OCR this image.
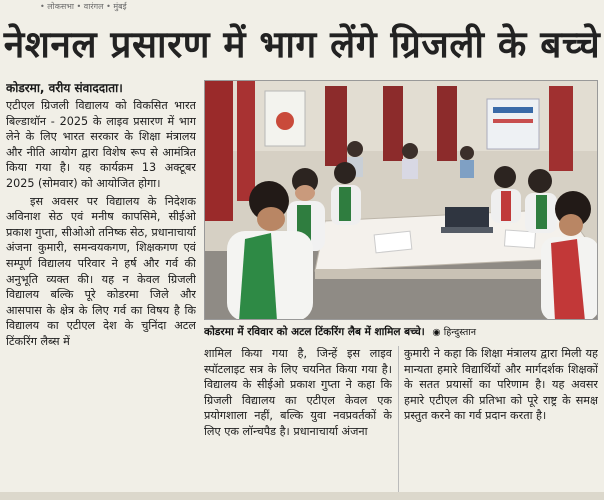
• लोकसभा • वारंगल • मुंबई
नेशनल प्रसारण में भाग लेंगे ग्रिजली के बच्चे

कोडरमा, वरीय संवाददाता।

एटीएल ग्रिजली विद्यालय को विकसित भारत बिल्डाथॉन - 2025 के लाइव प्रसारण में भाग लेने के लिए भारत सरकार के शिक्षा मंत्रालय और नीति आयोग द्वारा विशेष रूप से आमंत्रित किया गया है। यह कार्यक्रम 13 अक्टूबर 2025 (सोमवार) को आयोजित होगा।

इस अवसर पर विद्यालय के निदेशक अविनाश सेठ एवं मनीष कापसिमे, सीईओ प्रकाश गुप्ता, सीओओ तनिष्क सेठ, प्रधानाचार्या अंजना कुमारी, समन्वयकगण, शिक्षकगण एवं सम्पूर्ण विद्यालय परिवार ने हर्ष और गर्व की अनुभूति व्यक्त की। यह न केवल ग्रिजली विद्यालय बल्कि पूरे कोडरमा जिले और आसपास के क्षेत्र के लिए गर्व का विषय है कि विद्यालय का एटीएल देश के चुनिंदा अटल टिंकरिंग लैब्स में

कोडरमा में रविवार को अटल टिंकरिंग लैब में शामिल बच्चे। ◉ हिन्दुस्तान

शामिल किया गया है, जिन्हें इस लाइव स्पॉटलाइट सत्र के लिए चयनित किया गया है। विद्यालय के सीईओ प्रकाश गुप्ता ने कहा कि ग्रिजली विद्यालय का एटीएल केवल एक प्रयोगशाला नहीं, बल्कि युवा नवप्रवर्तकों के लिए एक लॉन्चपैड है। प्रधानाचार्या अंजना

कुमारी ने कहा कि शिक्षा मंत्रालय द्वारा मिली यह मान्यता हमारे विद्यार्थियों और मार्गदर्शक शिक्षकों के सतत प्रयासों का परिणाम है। यह अवसर हमारे एटीएल की प्रतिभा को पूरे राष्ट्र के समक्ष प्रस्तुत करने का गर्व प्रदान करता है।
